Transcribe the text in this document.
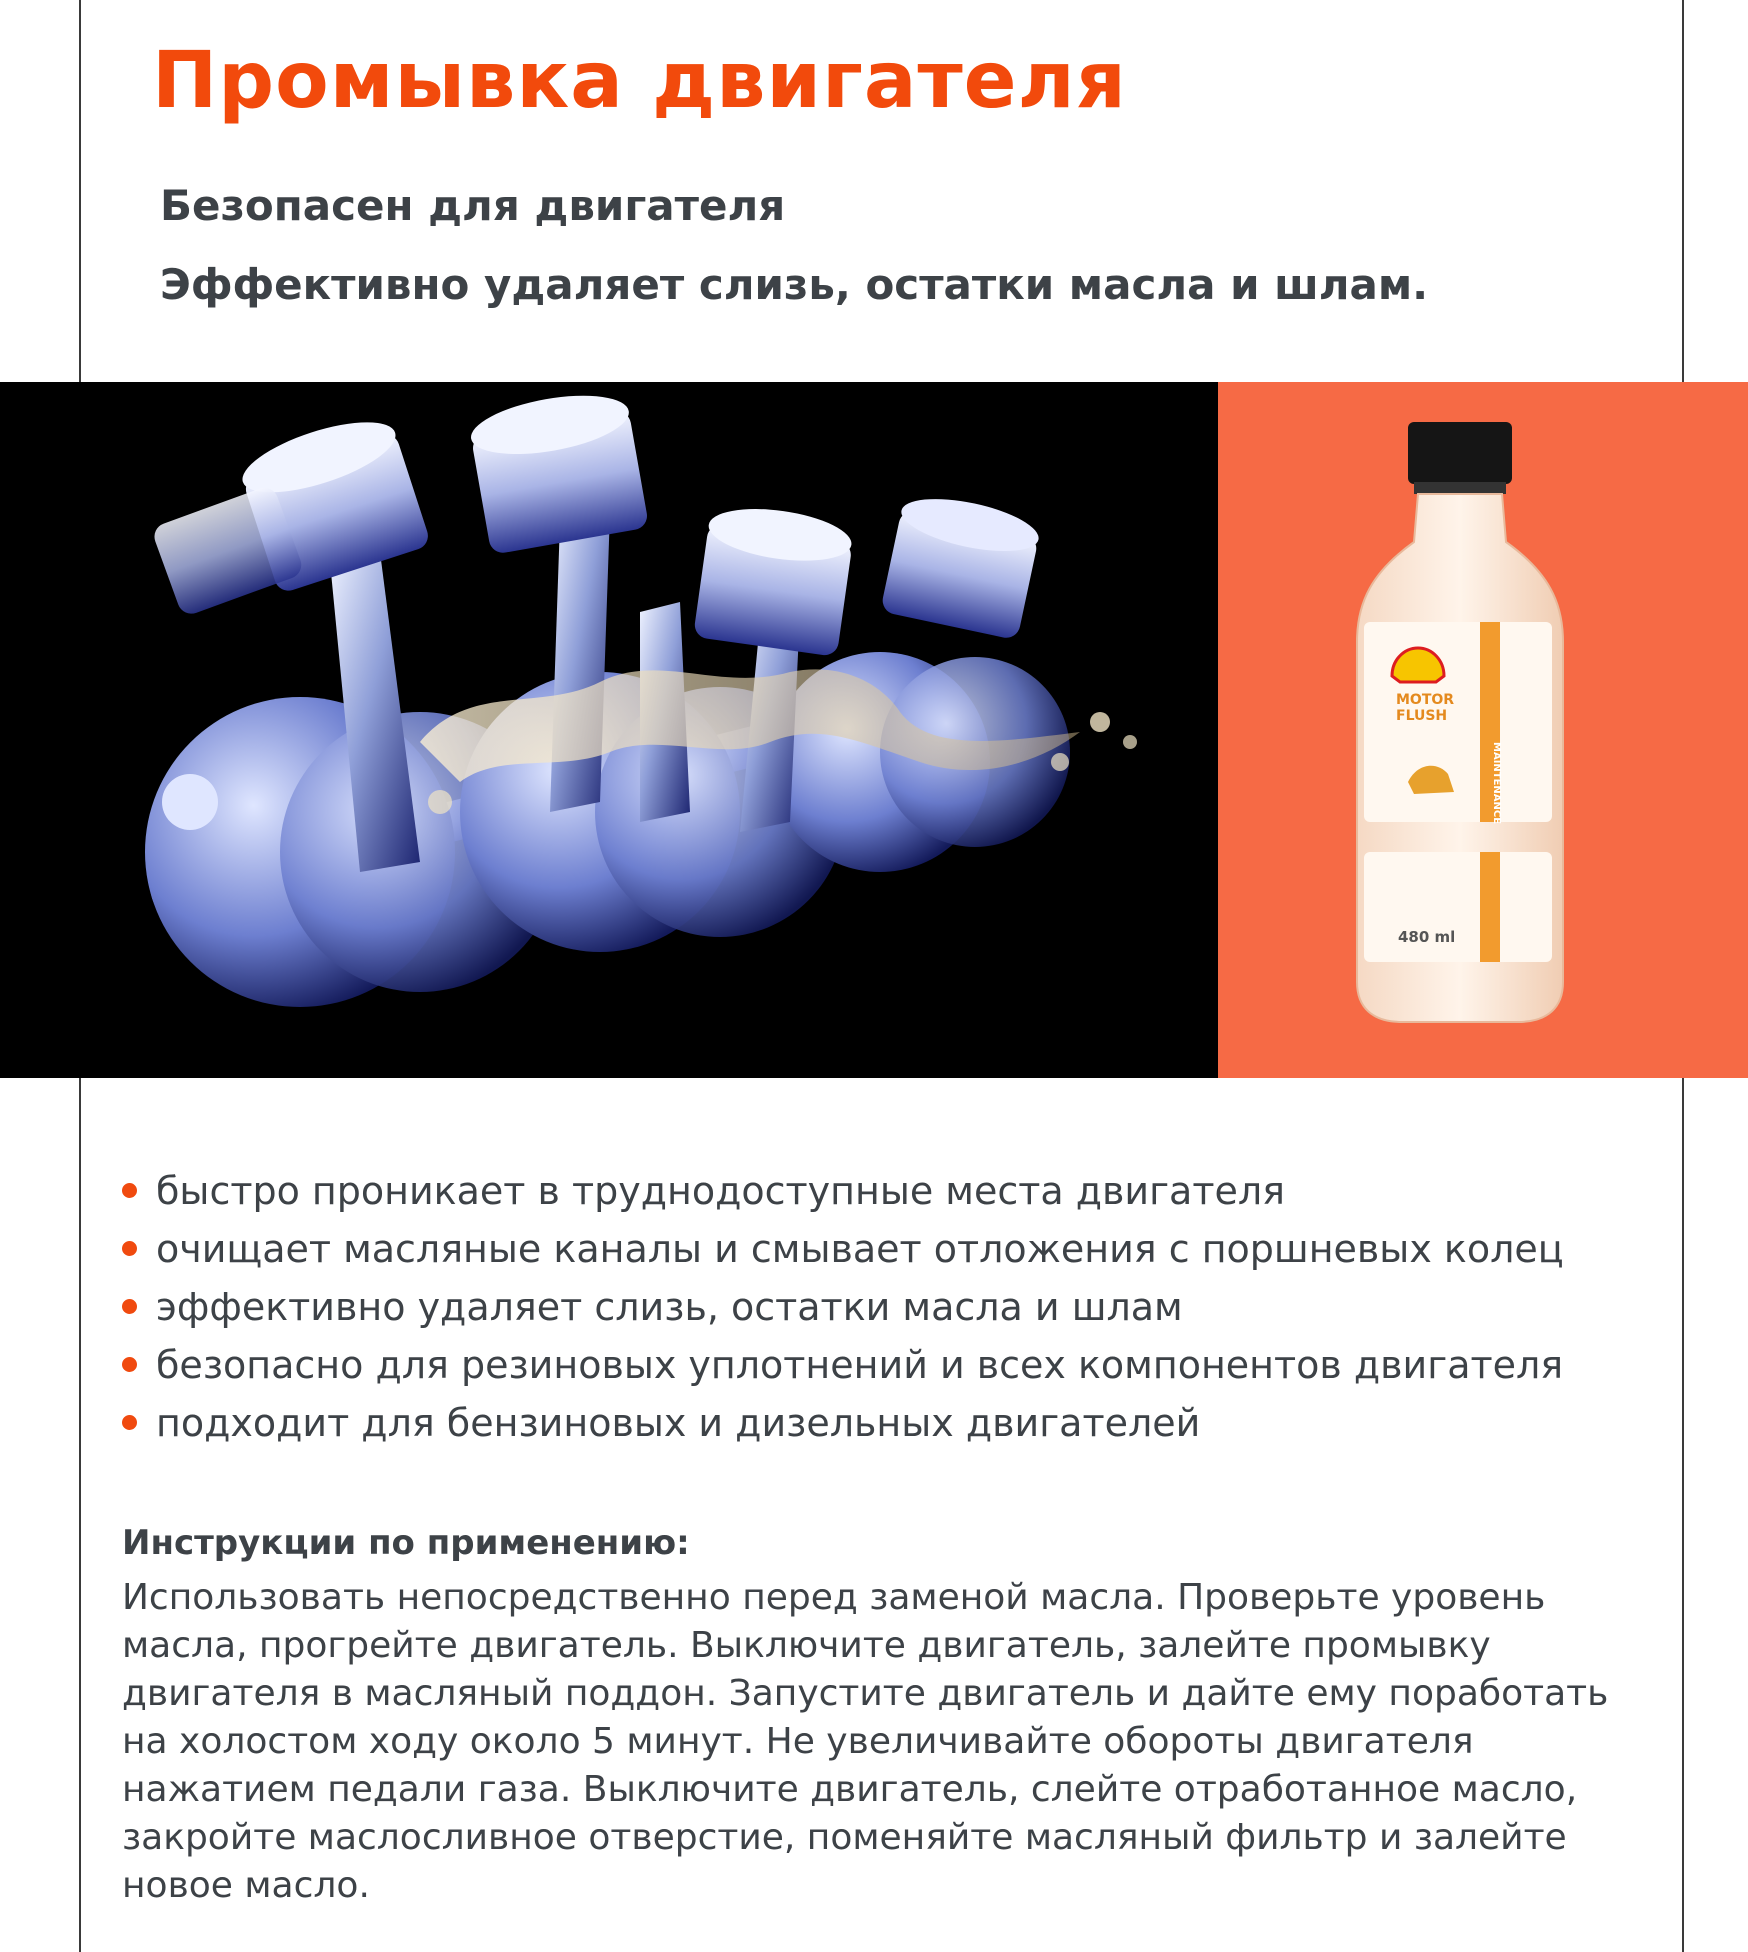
Промывка двигателя

Безопасен для двигателя

Эффективно удаляет слизь, остатки масла и шлам.

MAINTENANCE
MOTOR
FLUSH
480 ml
быстро проникает в труднодоступные места двигателя
очищает масляные каналы и смывает отложения с поршневых колец
эффективно удаляет слизь, остатки масла и шлам
безопасно для резиновых уплотнений и всех компонентов двигателя
подходит для бензиновых и дизельных двигателей
Инструкции по применению:
Использовать непосредственно перед заменой масла. Проверьте уровень
масла, прогрейте двигатель. Выключите двигатель, залейте промывку
двигателя в масляный поддон. Запустите двигатель и дайте ему поработать
на холостом ходу около 5 минут. Не увеличивайте обороты двигателя
нажатием педали газа. Выключите двигатель, слейте отработанное масло,
закройте маслосливное отверстие, поменяйте масляный фильтр и залейте
новое масло.
